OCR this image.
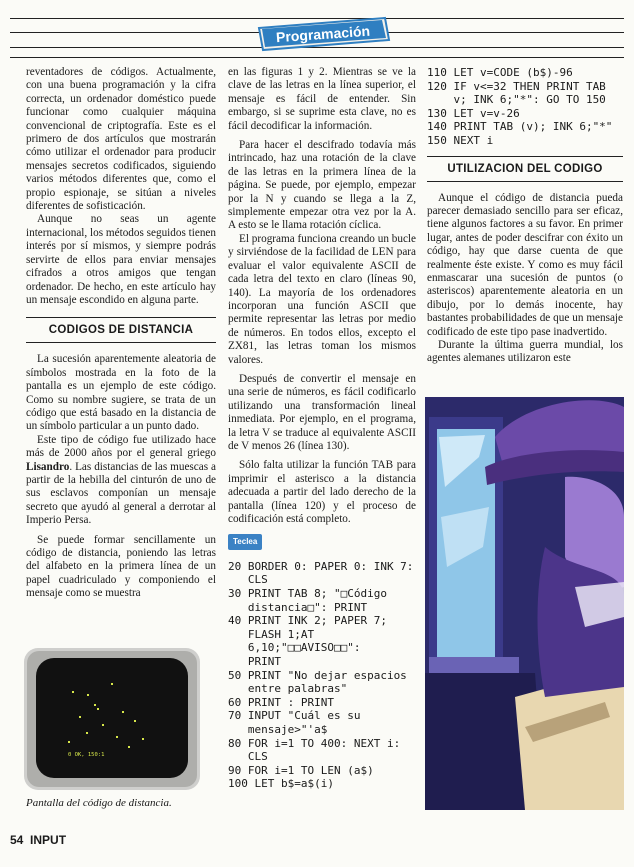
Programación

reventadores de códigos. Actualmente, con una buena programación y la cifra correcta, un ordenador doméstico puede funcionar como cualquier máquina convencional de criptografía. Este es el primero de dos artículos que mostrarán cómo utilizar el ordenador para producir mensajes secretos codificados, siguiendo varios métodos diferentes que, como el propio espionaje, se sitúan a niveles diferentes de sofisticación.

Aunque no seas un agente internacional, los métodos seguidos tienen interés por sí mismos, y siempre podrás servirte de ellos para enviar mensajes cifrados a otros amigos que tengan ordenador. De hecho, en este artículo hay un mensaje escondido en alguna parte.

CODIGOS DE DISTANCIA

La sucesión aparentemente aleatoria de símbolos mostrada en la foto de la pantalla es un ejemplo de este código. Como su nombre sugiere, se trata de un código que está basado en la distancia de un símbolo particular a un punto dado.

Este tipo de código fue utilizado hace más de 2000 años por el general griego Lisandro. Las distancias de las muescas a partir de la hebilla del cinturón de uno de sus esclavos componían un mensaje secreto que ayudó al general a derrotar al Imperio Persa.

Se puede formar sencillamente un código de distancia, poniendo las letras del alfabeto en la primera línea de un papel cuadriculado y componiendo el mensaje como se muestra

0 OK, 150:1
Pantalla del código de distancia.
54 INPUT

en las figuras 1 y 2. Mientras se ve la clave de las letras en la línea superior, el mensaje es fácil de entender. Sin embargo, si se suprime esta clave, no es fácil decodificar la información.

Para hacer el descifrado todavía más intrincado, haz una rotación de la clave de las letras en la primera línea de la página. Se puede, por ejemplo, empezar por la N y cuando se llega a la Z, simplemente empezar otra vez por la A. A esto se le llama rotación cíclica.

El programa funciona creando un bucle y sirviéndose de la facilidad de LEN para evaluar el valor equivalente ASCII de cada letra del texto en claro (líneas 90, 140). La mayoría de los ordenadores incorporan una función ASCII que permite representar las letras por medio de números. En todos ellos, excepto el ZX81, las letras toman los mismos valores.

Después de convertir el mensaje en una serie de números, es fácil codificarlo utilizando una transformación lineal inmediata. Por ejemplo, en el programa, la letra V se traduce al equivalente ASCII de V menos 26 (línea 130).

Sólo falta utilizar la función TAB para imprimir el asterisco a la distancia adecuada a partir del lado derecho de la pantalla (línea 120) y el proceso de codificación está completo.

Teclea
20 BORDER 0: PAPER 0: INK 7:
CLS
30 PRINT TAB 8; "□Código
distancia□": PRINT
40 PRINT INK 2; PAPER 7;
FLASH 1;AT
6,10;"□□AVISO□□":
PRINT
50 PRINT "No dejar espacios
entre palabras"
60 PRINT : PRINT
70 INPUT "Cuál es su
mensaje>"'a$
80 FOR i=1 TO 400: NEXT i:
CLS
90 FOR i=1 TO LEN (a$)
100 LET b$=a$(i)
110 LET v=CODE (b$)-96
120 IF v<=32 THEN PRINT TAB
v; INK 6;"*": GO TO 150
130 LET v=v-26
140 PRINT TAB (v); INK 6;"*"
150 NEXT i
UTILIZACION DEL CODIGO

Aunque el código de distancia pueda parecer demasiado sencillo para ser eficaz, tiene algunos factores a su favor. En primer lugar, antes de poder descifrar con éxito un código, hay que darse cuenta de que realmente éste existe. Y como es muy fácil enmascarar una sucesión de puntos (o asteriscos) aparentemente aleatoria en un dibujo, por lo demás inocente, hay bastantes probabilidades de que un mensaje codificado de este tipo pase inadvertido.

Durante la última guerra mundial, los agentes alemanes utilizaron este
